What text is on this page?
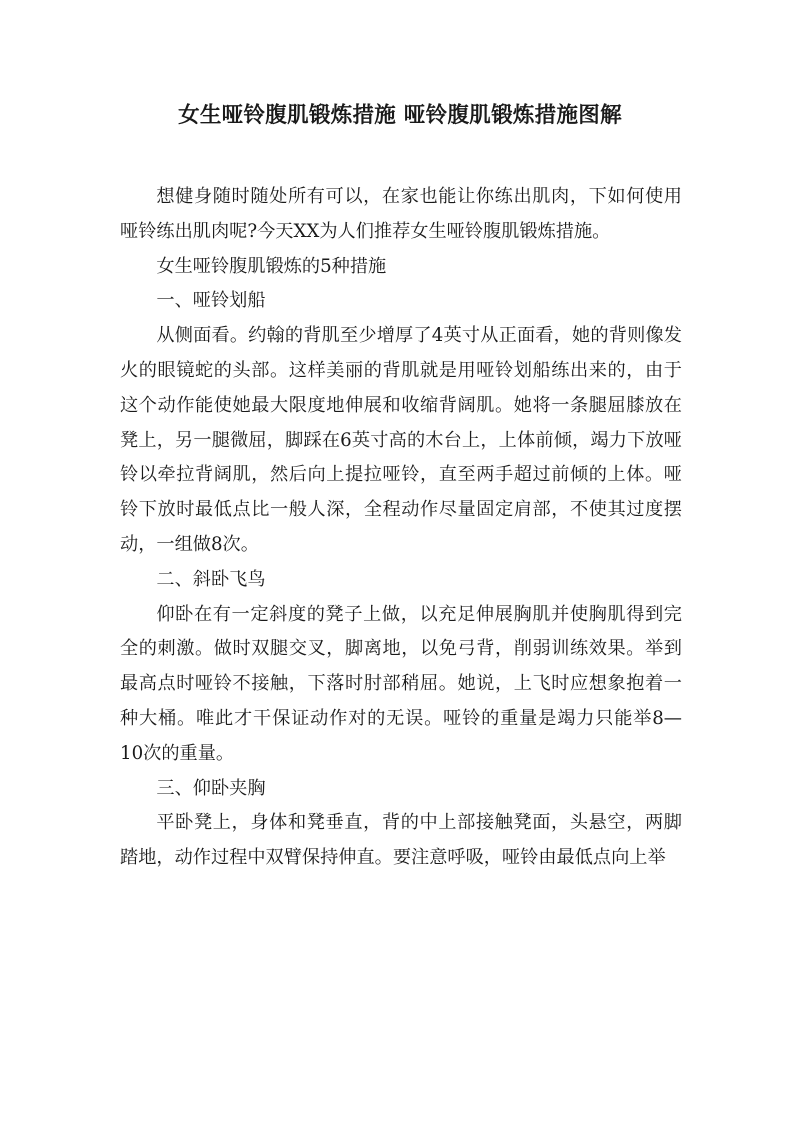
女生哑铃腹肌锻炼措施 哑铃腹肌锻炼措施图解

想健身随时随处所有可以，在家也能让你练出肌肉，下如何使用哑铃练出肌肉呢?今天XX为人们推荐女生哑铃腹肌锻炼措施。

女生哑铃腹肌锻炼的5种措施

一、哑铃划船

从侧面看。约翰的背肌至少增厚了4英寸从正面看，她的背则像发火的眼镜蛇的头部。这样美丽的背肌就是用哑铃划船练出来的，由于这个动作能使她最大限度地伸展和收缩背阔肌。她将一条腿屈膝放在凳上，另一腿微屈，脚踩在6英寸高的木台上，上体前倾，竭力下放哑铃以牵拉背阔肌，然后向上提拉哑铃，直至两手超过前倾的上体。哑铃下放时最低点比一般人深，全程动作尽量固定肩部，不使其过度摆动，一组做8次。

二、斜卧飞鸟

仰卧在有一定斜度的凳子上做，以充足伸展胸肌并使胸肌得到完全的刺激。做时双腿交叉，脚离地，以免弓背，削弱训练效果。举到最高点时哑铃不接触，下落时肘部稍屈。她说，上飞时应想象抱着一种大桶。唯此才干保证动作对的无误。哑铃的重量是竭力只能举8—10次的重量。

三、仰卧夹胸

平卧凳上，身体和凳垂直，背的中上部接触凳面，头悬空，两脚踏地，动作过程中双臂保持伸直。要注意呼吸，哑铃由最低点向上举
